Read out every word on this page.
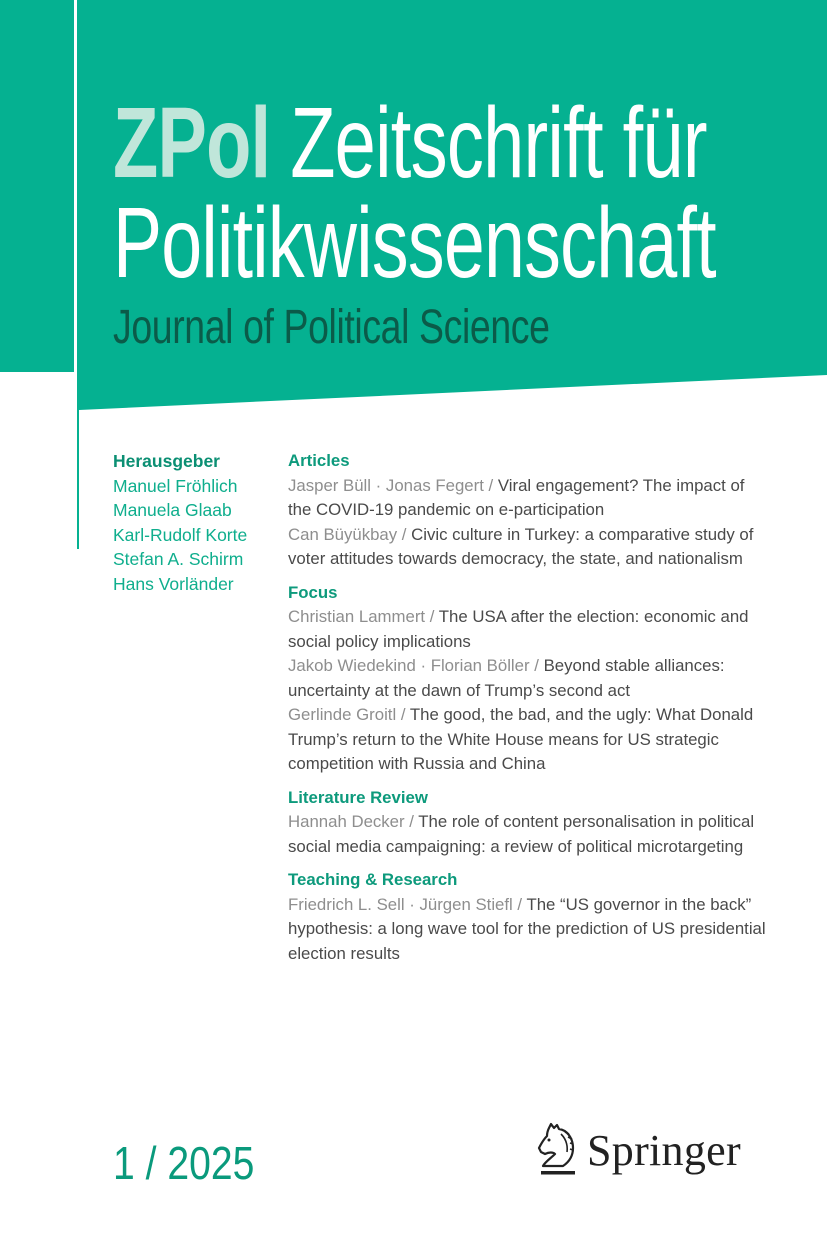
ZPol Zeitschrift für
Politikwissenschaft
Journal of Political Science
Herausgeber
Manuel Fröhlich
Manuela Glaab
Karl-Rudolf Korte
Stefan A. Schirm
Hans Vorländer
Articles
Jasper Büll · Jonas Fegert / Viral engagement? The impact of the COVID-19 pandemic on e-participation
Can Büyükbay / Civic culture in Turkey: a comparative study of voter attitudes towards democracy, the state, and nationalism
Focus
Christian Lammert / The USA after the election: economic and social policy implications
Jakob Wiedekind · Florian Böller / Beyond stable alliances: uncertainty at the dawn of Trump’s second act
Gerlinde Groitl / The good, the bad, and the ugly: What Donald Trump’s return to the White House means for US strategic competition with Russia and China
Literature Review
Hannah Decker / The role of content personalisation in political social media campaigning: a review of political microtargeting
Teaching & Research
Friedrich L. Sell · Jürgen Stiefl / The “US governor in the back” hypothesis: a long wave tool for the prediction of US presidential election results
1 / 2025	Springer
